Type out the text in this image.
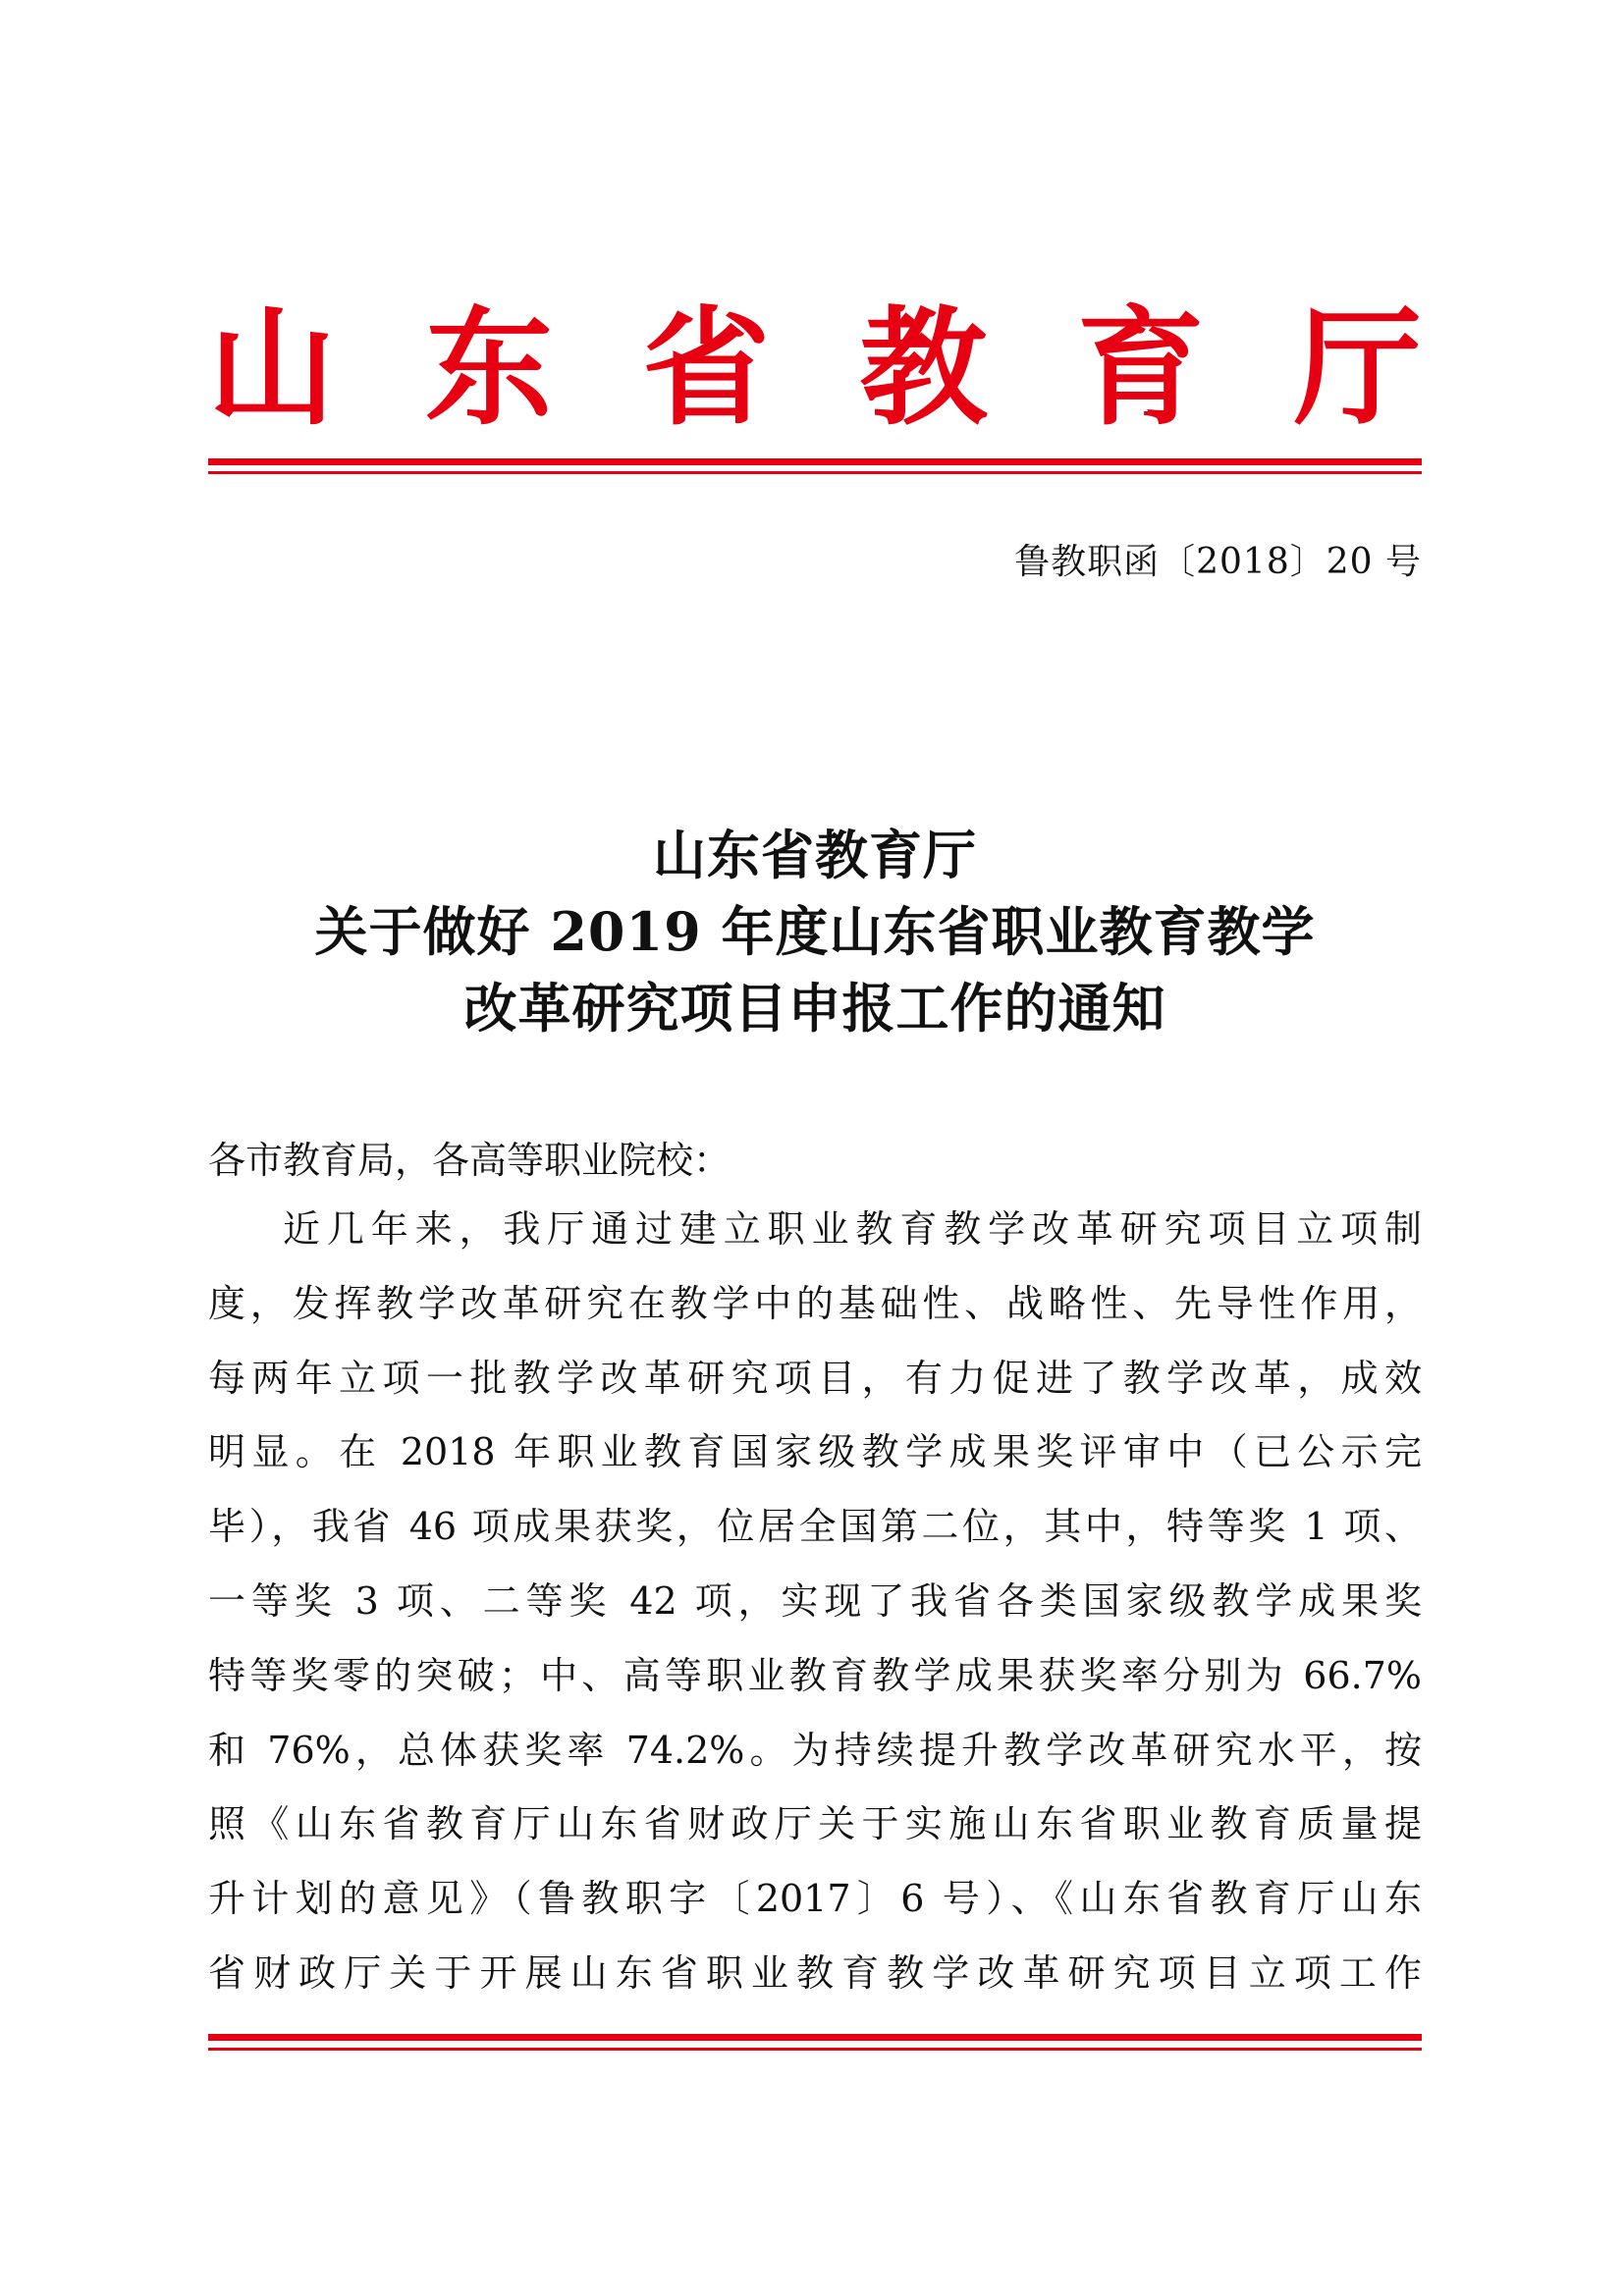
山 东 省 教 育 厅
鲁教职函〔2018〕20 号
山东省教育厅
关于做好 2019 年度山东省职业教育教学
改革研究项目申报工作的通知
各市教育局，各高等职业院校：
近几年来，我厅通过建立职业教育教学改革研究项目立项制
度，发挥教学改革研究在教学中的基础性、战略性、先导性作用，
每两年立项一批教学改革研究项目，有力促进了教学改革，成效
明显。在 2018 年职业教育国家级教学成果奖评审中（已公示完
毕），我省 46 项成果获奖，位居全国第二位，其中，特等奖 1 项、
一等奖 3 项、二等奖 42 项，实现了我省各类国家级教学成果奖
特等奖零的突破；中、高等职业教育教学成果获奖率分别为 66.7%
和 76%，总体获奖率 74.2%。为持续提升教学改革研究水平，按
照《山东省教育厅山东省财政厅关于实施山东省职业教育质量提
升计划的意见》（鲁教职字〔2017〕6 号）、《山东省教育厅山东
省财政厅关于开展山东省职业教育教学改革研究项目立项工作
